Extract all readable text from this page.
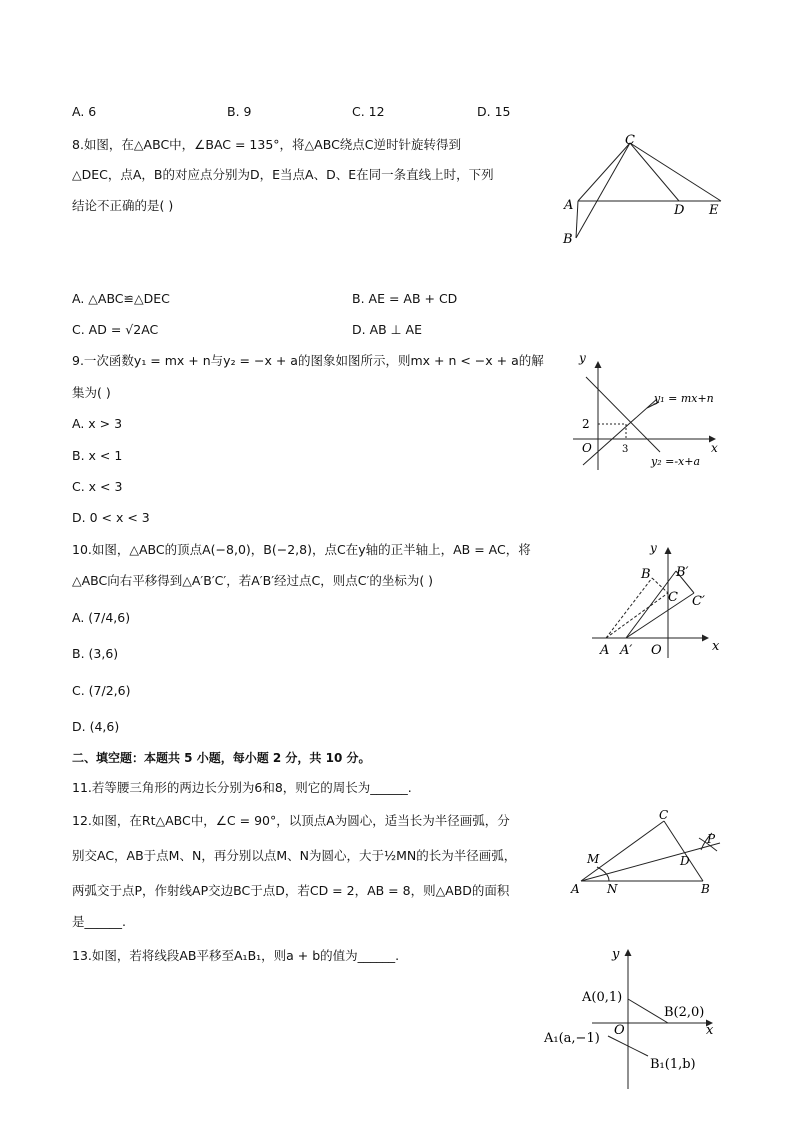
A. 6	B. 9	C. 12	D. 15
8.如图，在△ABC中，∠BAC = 135°，将△ABC绕点C逆时针旋转得到
△DEC，点A，B的对应点分别为D，E当点A、D、E在同一条直线上时，下列
结论不正确的是( )
C
A	D E
B
A. △ABC≌△DEC	B. AE = AB + CD
C. AD = √2AC	D. AB ⊥ AE
9.一次函数y₁ = mx + n与y₂ = −x + a的图象如图所示，则mx + n < −x + a的解
集为( )
A. x > 3
B. x < 1
C. x < 3
D. 0 < x < 3
y
x
O
2
3
y₁ = mx+n
y₂ =-x+a
10.如图，△ABC的顶点A(−8,0)，B(−2,8)，点C在y轴的正半轴上，AB = AC，将
△ABC向右平移得到△A′B′C′，若A′B′经过点C，则点C′的坐标为( )
A. (7/4,6)
B. (3,6)
C. (7/2,6)
D. (4,6)
y
B B′
C C′
A A′ O	x
二、填空题：本题共 5 小题，每小题 2 分，共 10 分。
11.若等腰三角形的两边长分别为6和8，则它的周长为______.
12.如图，在Rt△ABC中，∠C = 90°，以顶点A为圆心，适当长为半径画弧，分
别交AC，AB于点M、N，再分别以点M、N为圆心，大于½MN的长为半径画弧，
两弧交于点P，作射线AP交边BC于点D，若CD = 2，AB = 8，则△ABD的面积
是______.
C
P
M	D
A N	B
13.如图，若将线段AB平移至A₁B₁，则a + b的值为______.	y
A(0,1)
B(2,0)
O	x
A₁(a,−1)
B₁(1,b)
